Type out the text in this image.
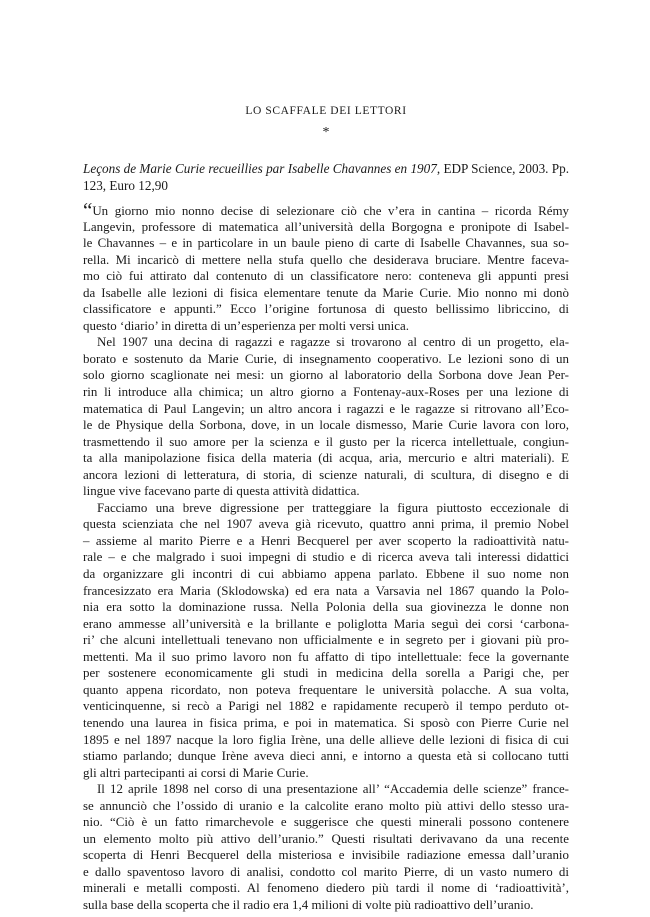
LO SCAFFALE DEI LETTORI
*
Leçons de Marie Curie recueillies par Isabelle Chavannes en 1907, EDP Science, 2003. Pp. 123, Euro 12,90
“Un giorno mio nonno decise di selezionare ciò che v’era in cantina – ricorda Rémy
Langevin, professore di matematica all’università della Borgogna e pronipote di Isabel-
le Chavannes – e in particolare in un baule pieno di carte di Isabelle Chavannes, sua so-
rella. Mi incaricò di mettere nella stufa quello che desiderava bruciare. Mentre faceva-
mo ciò fui attirato dal contenuto di un classificatore nero: conteneva gli appunti presi
da Isabelle alle lezioni di fisica elementare tenute da Marie Curie. Mio nonno mi donò
classificatore e appunti.” Ecco l’origine fortunosa di questo bellissimo libriccino, di
questo ‘diario’ in diretta di un’esperienza per molti versi unica.
Nel 1907 una decina di ragazzi e ragazze si trovarono al centro di un progetto, ela-
borato e sostenuto da Marie Curie, di insegnamento cooperativo. Le lezioni sono di un
solo giorno scaglionate nei mesi: un giorno al laboratorio della Sorbona dove Jean Per-
rin li introduce alla chimica; un altro giorno a Fontenay-aux-Roses per una lezione di
matematica di Paul Langevin; un altro ancora i ragazzi e le ragazze si ritrovano all’Eco-
le de Physique della Sorbona, dove, in un locale dismesso, Marie Curie lavora con loro,
trasmettendo il suo amore per la scienza e il gusto per la ricerca intellettuale, congiun-
ta alla manipolazione fisica della materia (di acqua, aria, mercurio e altri materiali). E
ancora lezioni di letteratura, di storia, di scienze naturali, di scultura, di disegno e di
lingue vive facevano parte di questa attività didattica.
Facciamo una breve digressione per tratteggiare la figura piuttosto eccezionale di
questa scienziata che nel 1907 aveva già ricevuto, quattro anni prima, il premio Nobel
– assieme al marito Pierre e a Henri Becquerel per aver scoperto la radioattività natu-
rale – e che malgrado i suoi impegni di studio e di ricerca aveva tali interessi didattici
da organizzare gli incontri di cui abbiamo appena parlato. Ebbene il suo nome non
francesizzato era Maria (Sklodowska) ed era nata a Varsavia nel 1867 quando la Polo-
nia era sotto la dominazione russa. Nella Polonia della sua giovinezza le donne non
erano ammesse all’università e la brillante e poliglotta Maria seguì dei corsi ‘carbona-
ri’ che alcuni intellettuali tenevano non ufficialmente e in segreto per i giovani più pro-
mettenti. Ma il suo primo lavoro non fu affatto di tipo intellettuale: fece la governante
per sostenere economicamente gli studi in medicina della sorella a Parigi che, per
quanto appena ricordato, non poteva frequentare le università polacche. A sua volta,
venticinquenne, si recò a Parigi nel 1882 e rapidamente recuperò il tempo perduto ot-
tenendo una laurea in fisica prima, e poi in matematica. Si sposò con Pierre Curie nel
1895 e nel 1897 nacque la loro figlia Irène, una delle allieve delle lezioni di fisica di cui
stiamo parlando; dunque Irène aveva dieci anni, e intorno a questa età si collocano tutti
gli altri partecipanti ai corsi di Marie Curie.
Il 12 aprile 1898 nel corso di una presentazione all’ “Accademia delle scienze” france-
se annunciò che l’ossido di uranio e la calcolite erano molto più attivi dello stesso ura-
nio. “Ciò è un fatto rimarchevole e suggerisce che questi minerali possono contenere
un elemento molto più attivo dell’uranio.” Questi risultati derivavano da una recente
scoperta di Henri Becquerel della misteriosa e invisibile radiazione emessa dall’uranio
e dallo spaventoso lavoro di analisi, condotto col marito Pierre, di un vasto numero di
minerali e metalli composti. Al fenomeno diedero più tardi il nome di ‘radioattività’,
sulla base della scoperta che il radio era 1,4 milioni di volte più radioattivo dell’uranio.
